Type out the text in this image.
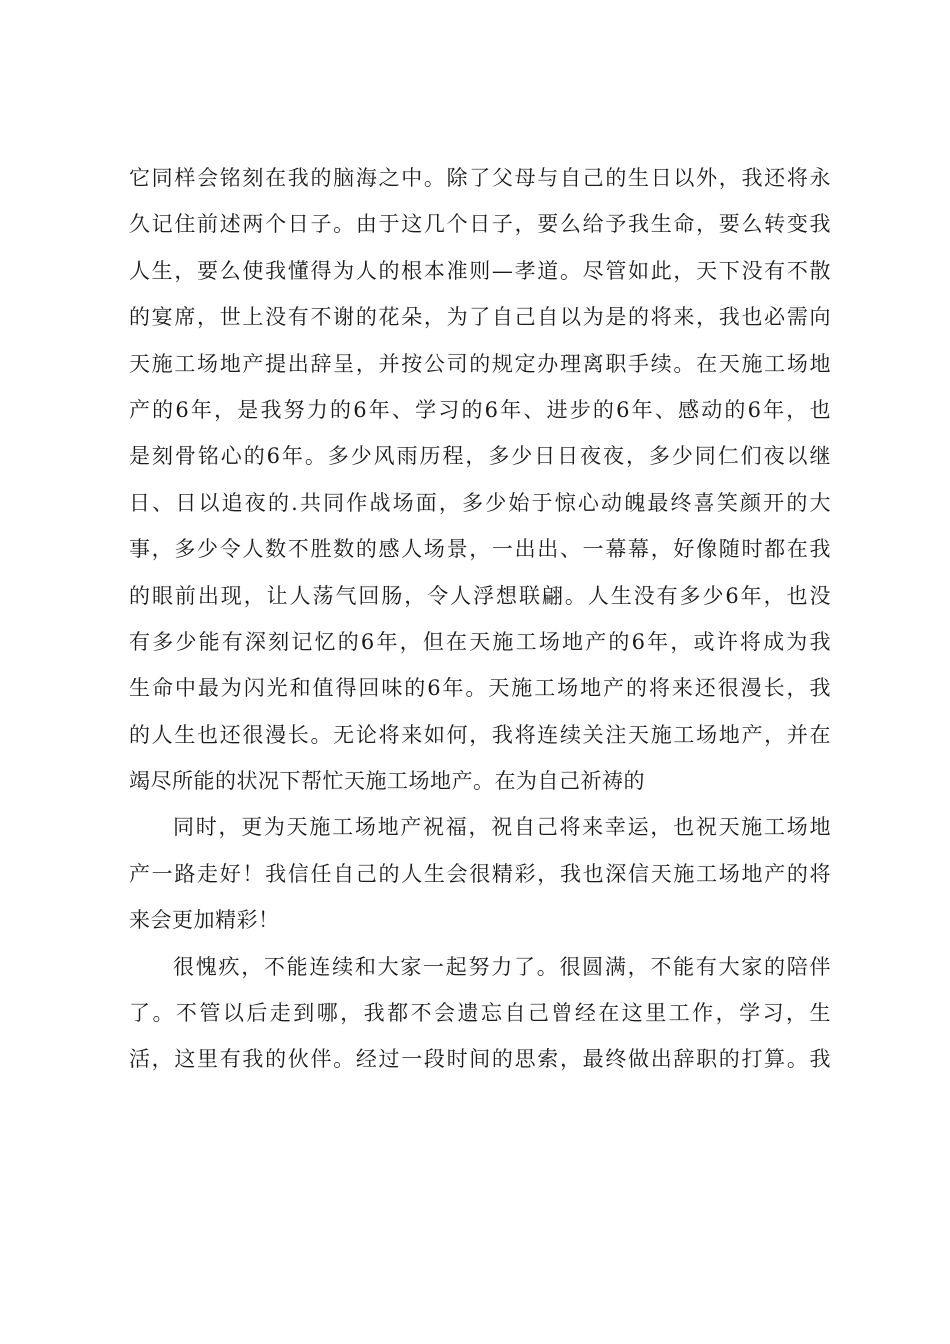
它同样会铭刻在我的脑海之中。除了父母与自己的生日以外，我还将永
久记住前述两个日子。由于这几个日子，要么给予我生命，要么转变我
人生，要么使我懂得为人的根本准则—孝道。尽管如此，天下没有不散
的宴席，世上没有不谢的花朵，为了自己自以为是的将来，我也必需向
天施工场地产提出辞呈，并按公司的规定办理离职手续。在天施工场地
产的6年，是我努力的6年、学习的6年、进步的6年、感动的6年，也
是刻骨铭心的6年。多少风雨历程，多少日日夜夜，多少同仁们夜以继
日、日以追夜的.共同作战场面，多少始于惊心动魄最终喜笑颜开的大
事，多少令人数不胜数的感人场景，一出出、一幕幕，好像随时都在我
的眼前出现，让人荡气回肠，令人浮想联翩。人生没有多少6年，也没
有多少能有深刻记忆的6年，但在天施工场地产的6年，或许将成为我
生命中最为闪光和值得回味的6年。天施工场地产的将来还很漫长，我
的人生也还很漫长。无论将来如何，我将连续关注天施工场地产，并在
竭尽所能的状况下帮忙天施工场地产。在为自己祈祷的
同时，更为天施工场地产祝福，祝自己将来幸运，也祝天施工场地
产一路走好！我信任自己的人生会很精彩，我也深信天施工场地产的将
来会更加精彩！
很愧疚，不能连续和大家一起努力了。很圆满，不能有大家的陪伴
了。不管以后走到哪，我都不会遗忘自己曾经在这里工作，学习，生
活，这里有我的伙伴。经过一段时间的思索，最终做出辞职的打算。我
